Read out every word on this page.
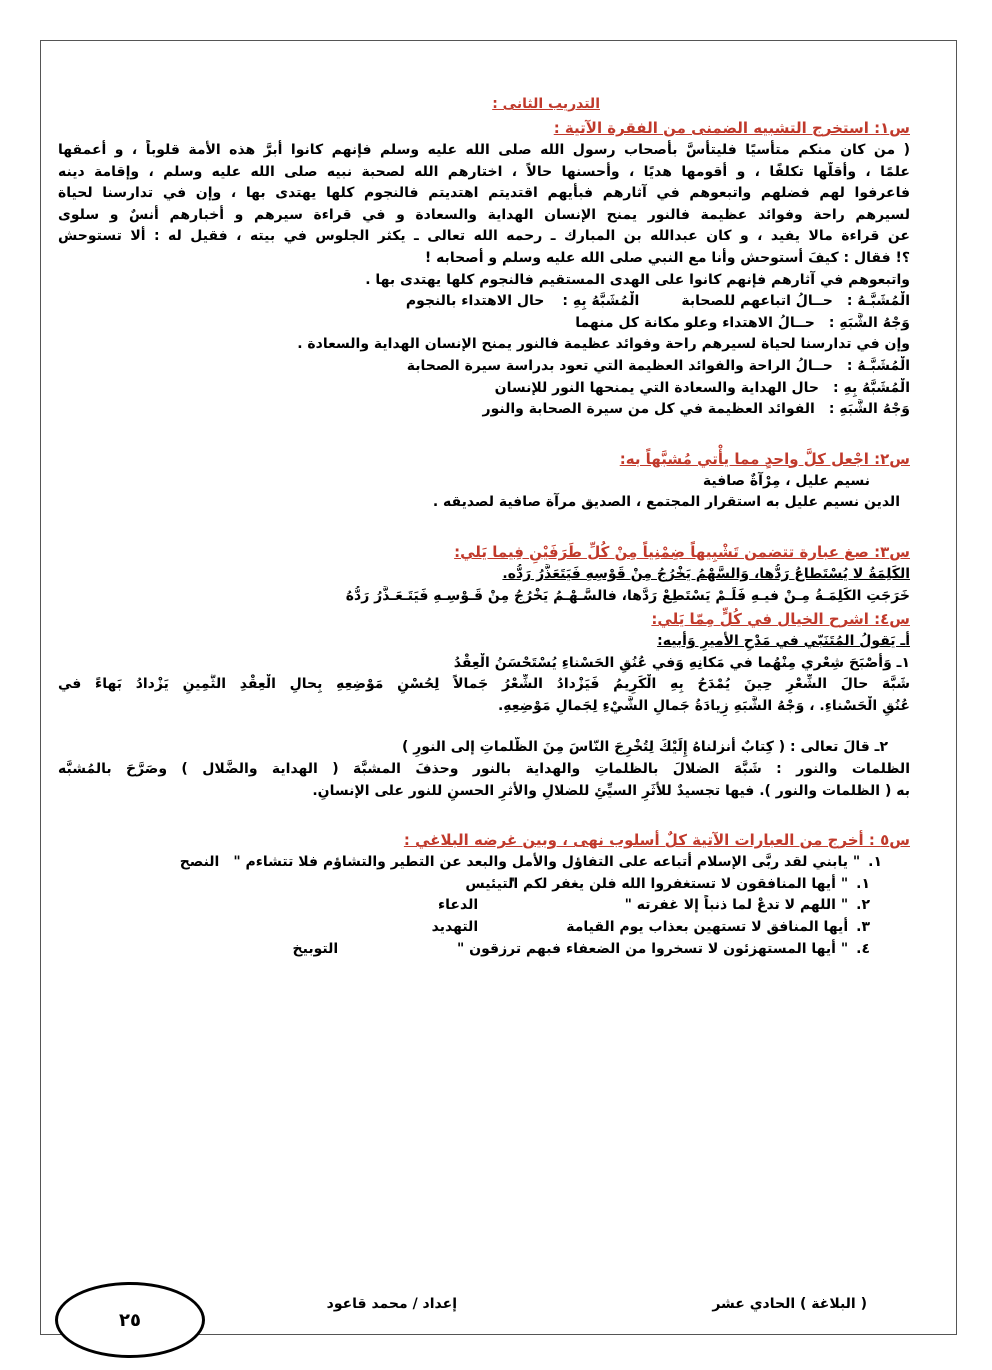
التدريب الثانى :
س١: استخرج التشبيه الضمنى من الفقرة الآتية :
( من كان منكم متأسيًا فليتأسَّ بأصحاب رسول الله صلى الله عليه وسلم فإنهم كانوا أبرَّ هذه الأمة قلوباً ، و أعمقها
علمًا ، وأقلّها تكلفًا ، و أقومها هديًا ، وأحسنها حالاً ، اختارهم الله لصحبة نبيه صلى الله عليه وسلم ، وإقامة دينه
فاعرفوا لهم فضلهم واتبعوهم في آثارهم فبأيهم اقتديتم اهتديتم فالنجوم كلها يهتدى بها ، وإن في تدارسنا لحياة
لسيرهم راحة وفوائد عظيمة فالنور يمنح الإنسان الهداية والسعادة و في قراءة سيرهم و أخبارهم أُنسٌ و سلوى
عن قراءة مالا يفيد ، و كان عبدالله بن المبارك ـ رحمه الله تعالى ـ يكثر الجلوس في بيته ، فقيل له : ألا تستوحش
؟! فقال : كيفَ أستوحش وأنا مع النبي صلى الله عليه وسلم و أصحابه !
واتبعوهم في آثارهم فإنهم كانوا على الهدى المستقيم فالنجوم كلها يهتدى بها .
الْمُشَبَّـهُ :
حــالُ اتباعهم للصحابة
الْمُشَبَّهُ بِهِ :
حال الاهتداء بالنجوم
وَجْهُ الشَّبَهِ :
حــالُ الاهتداء وعلو مكانة كل منهما
وإن في تدارسنا لحياة لسيرهم راحة وفوائد عظيمة فالنور يمنح الإنسان الهداية والسعادة .
الْمُشَبَّـهُ :
حــالُ الراحة والفوائد العظيمة التي تعود بدراسة سيرة الصحابة
الْمُشَبَّهُ بِهِ :
حال الهداية والسعادة التي يمنحها النور للإنسان
وَجْهُ الشَّبَهِ :
الفوائد العظيمة في كل من سيرة الصحابة والنور
س٢: اجْعل كلَّ واحدٍ مما يأْتي مُشبَّهاً به:
نسيم عليل ، مِرْآةٌ صافية
الدين نسيم عليل به استقرار المجتمع ، الصديق مرآة صافية لصديقه .
س٣: صغ عبارة تتضمن تَشْبِيهاً ضِمْنِياً مِنْ كُلِّ طَرَفَيْنِ فِيما يَلي:
الكَلِمَةُ لا يُسْتَطاعُ رَدُّها، وَالسَّهْمُ يَخْرُجُ مِنْ قَوْسِهِ فَيَتَعَذَّرُ رَدُّه.
خَرَجَتِ الكَلِمَـةُ مِـنْ فيـهِ فَلَـمْ يَسْتَطِعْ رَدَّها، فالسَّـهْـمُ يَخْرُجُ مِنْ قَـوْسِـهِ فَيَتَـعَـذَّرُ رَدُّهُ
س٤: اشرح الخيال في كُلٍّ مِمّا يَلي:
أـ يَقولُ المُتَنَبّي في مَدْحِ الأميرِ وَأبيه:
١ـ وَأَصْبَحَ شِعْري مِنْهُما في مَكانِهِ وَفي عُنُقِ الحَسْناءِ يُسْتَحْسَنُ الْعِقْدُ
شَبَّهَ حالَ الشِّعْرِ حِينَ يُمْدَحُ بِهِ الْكَرِيمُ فَيَزْدادُ الشِّعْرُ جَمالاً لِحُسْنِ مَوْضِعِهِ بِحالِ الْعِقْدِ الثَّمِينِ يَزْدادُ بَهاءً في
عُنُقِ الْحَسْناءِ. ، وَجْهُ الشَّبَهِ زِيادَةُ جَمالِ الشَّيْءِ لِجَمالِ مَوْضِعِهِ.
٢ـ قالَ تعالى : ( كِتابٌ أنزلناهُ إِلَيْكَ لِتُخْرِجَ النّاسَ مِنَ الظُّلماتِ إلى النورِ )
الظلمات والنور : شَبَّهَ الضلالَ بالظلماتِ والهداية بالنور وحذفَ المشبَّهَ ( الهداية والضَّلال ) وصَرَّحَ بالمُشبَّه
به ( الظلمات والنور ). فيها تجسيدٌ للأثَرِ السيِّئِ للضلالِ والأثرِ الحسنِ للنور على الإنسانِ.
س٥ : أخرج من العبارات الآتية كلٌ أسلوب نهى ، وبين غرضه البلاغي :
١.
" يابني لقد ربَّى الإسلام أتباعه على التفاؤل والأمل والبعد عن التطير والتشاؤم فلا تتشاءم "
النصح
١.
" أيها المنافقون لا تستغفروا الله فلن يغفر لكم "
التيئيس
٢.
" اللهم لا تدعْ لما ذنباً إلا غفرته "
الدعاء
٣.
أيها المنافق لا تستهين بعذاب يوم القيامة
التهديد
٤.
" أيها المستهزئون لا تسخروا من الضعفاء فبهم ترزقون "
التوبيخ
( البلاغة ) الحادي عشر
إعداد / محمد قاعود
٢٥
